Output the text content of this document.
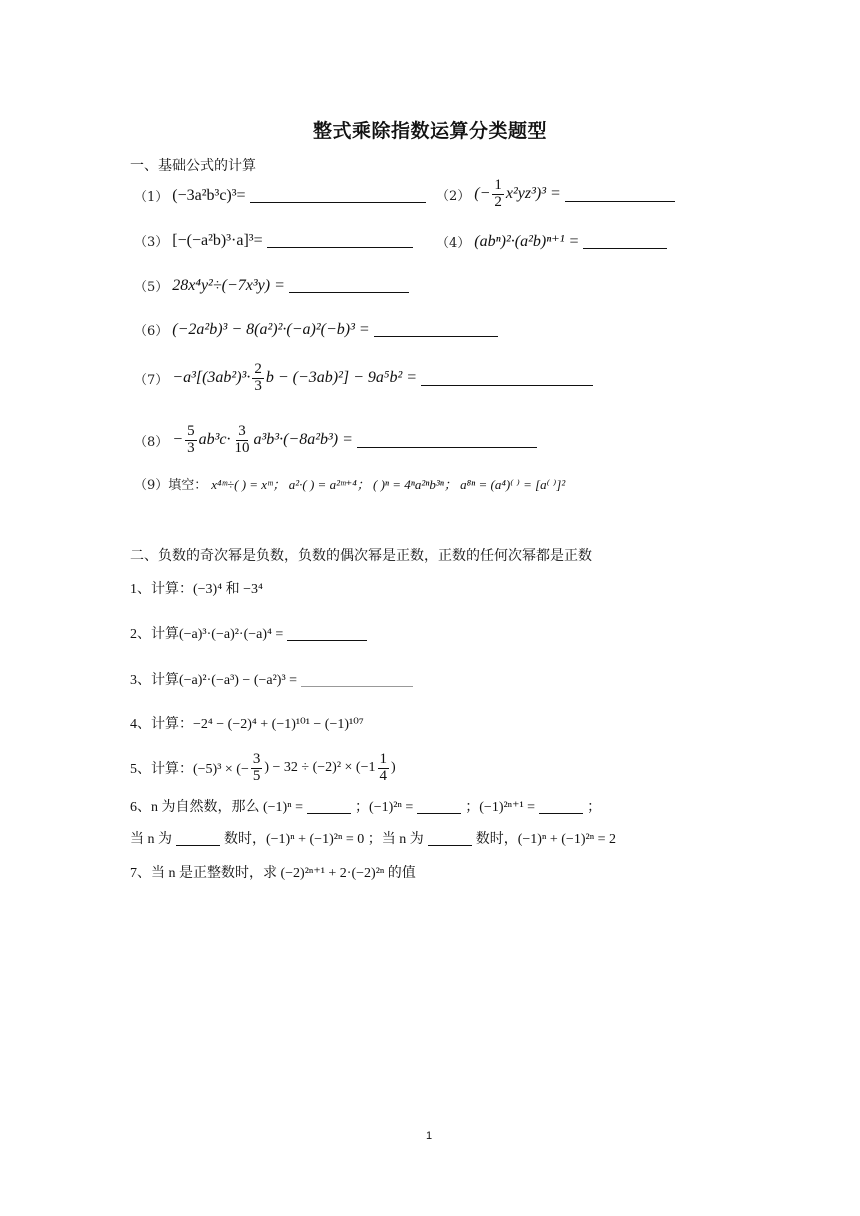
整式乘除指数运算分类题型
一、基础公式的计算
（1） (−3a²b³c)³=	（2） (− $\frac{1}{2} x^2yz^3)^3$ =
（3） [−(−a²b)³·a]³=	（4） (abⁿ)²·(a²b)ⁿ⁺¹ =
（5） 28x⁴y²÷(−7x³y) =
（6） (−2a²b)³ − 8(a²)²·(−a)²(−b)³ =
$(7) -a^3[(3ab^2)^3\cdot \frac{2}{3}$ b − (−3ab)²] − 9a⁵b² =
$(8) - \frac{5}{3} ab^3c\cdot \frac{3}{10} a^3b^3\cdot(-8a^2b^3)$ =
（9）填空： x⁴ᵐ÷( ) = xᵐ； a²·( ) = a²ᵐ⁺⁴； ( )ⁿ = 4ⁿa²ⁿb³ⁿ； a⁸ⁿ = (a⁴)⁽ ⁾ = [a⁽ ⁾]²
二、负数的奇次幂是负数，负数的偶次幂是正数，正数的任何次幂都是正数
1、计算：(−3)⁴ 和 −3⁴
2、计算(−a)³·(−a)²·(−a)⁴ =
3、计算(−a)²·(−a³) − (−a²)³ =
4、计算：−2⁴ − (−2)⁴ + (−1)¹⁰¹ − (−1)¹⁰⁷
5、计算：(−5)³ × (− $\frac{3}{5}$ ) − $32 \div (-2)^2 \times (-1 \frac{1}{4}$ )
6、n 为自然数，那么 (−1)ⁿ =	；(−1)²ⁿ =	；(−1)²ⁿ⁺¹ =	；
当 n 为	数时，(−1)ⁿ + (−1)²ⁿ = 0 ；当 n 为	数时，(−1)ⁿ + (−1)²ⁿ = 2
7、当 n 是正整数时，求 (−2)²ⁿ⁺¹ + 2·(−2)²ⁿ 的值
1
